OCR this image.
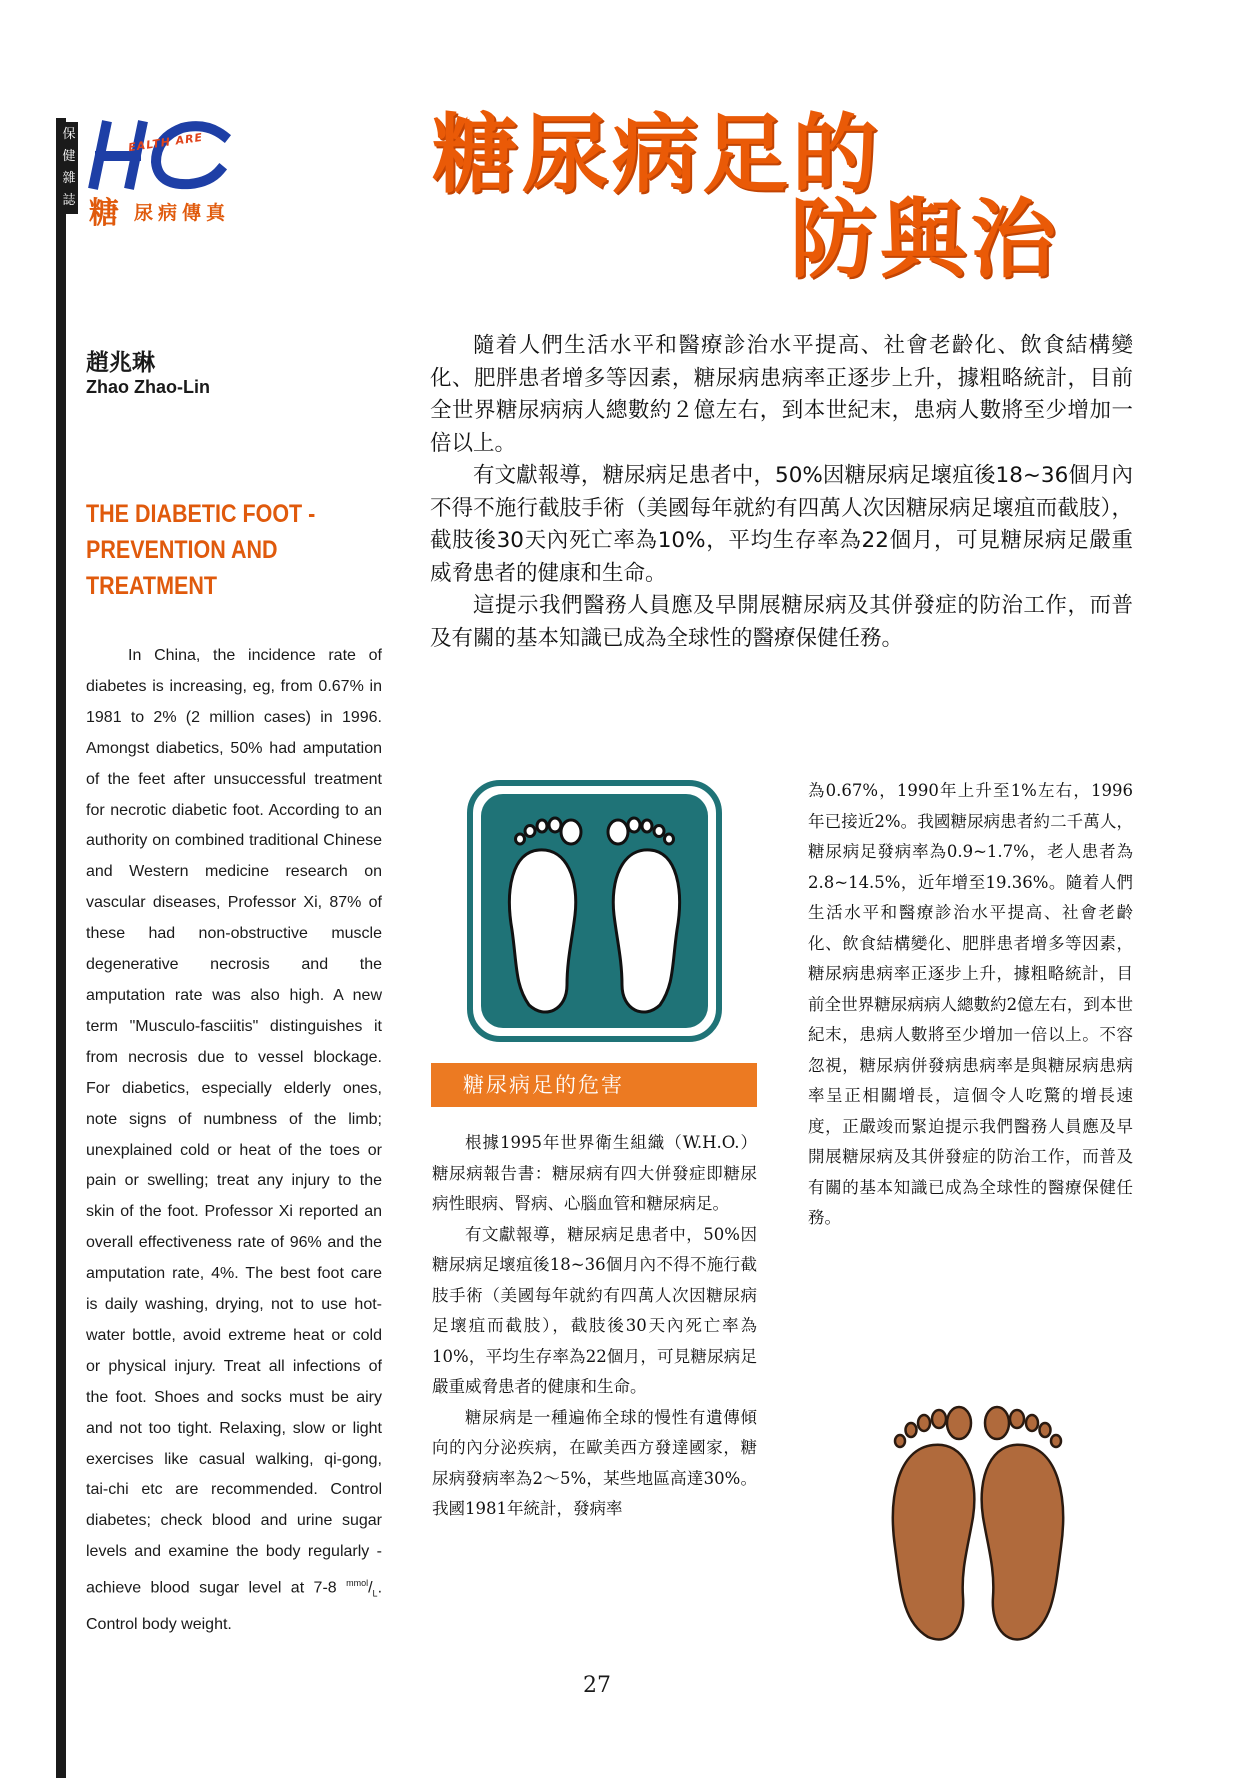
保
健
雜
誌
EALTH ARE
糖 尿病傳真
糖尿病足的
防與治
趙兆琳
Zhao Zhao-Lin
THE DIABETIC FOOT - PREVENTION AND TREATMENT
In China, the incidence rate of diabetes is increasing, eg, from 0.67% in 1981 to 2% (2 million cases) in 1996. Amongst diabetics, 50% had amputation of the feet after unsuccessful treatment for necrotic diabetic foot. According to an authority on combined traditional Chinese and Western medicine research on vascular diseases, Professor Xi, 87% of these had non-obstructive muscle degenerative necrosis and the amputation rate was also high. A new term "Musculo-fasciitis" distinguishes it from necrosis due to vessel blockage. For diabetics, especially elderly ones, note signs of numbness of the limb; unexplained cold or heat of the toes or pain or swelling; treat any injury to the skin of the foot. Professor Xi reported an overall effectiveness rate of 96% and the amputation rate, 4%. The best foot care is daily washing, drying, not to use hot-water bottle, avoid extreme heat or cold or physical injury. Treat all infections of the foot. Shoes and socks must be airy and not too tight. Relaxing, slow or light exercises like casual walking, qi-gong, tai-chi etc are recommended. Control diabetes; check blood and urine sugar levels and examine the body regularly - achieve blood sugar level at 7-8 $^{mmol}/_L$. Control body weight.

隨着人們生活水平和醫療診治水平提高、社會老齡化、飲食結構變化、肥胖患者增多等因素，糖尿病患病率正逐步上升，據粗略統計，目前全世界糖尿病病人總數約２億左右，到本世紀末，患病人數將至少增加一倍以上。

有文獻報導，糖尿病足患者中，50%因糖尿病足壞疽後18~36個月內不得不施行截肢手術（美國每年就約有四萬人次因糖尿病足壞疽而截肢），截肢後30天內死亡率為10%，平均生存率為22個月，可見糖尿病足嚴重威脅患者的健康和生命。

這提示我們醫務人員應及早開展糖尿病及其併發症的防治工作，而普及有關的基本知識已成為全球性的醫療保健任務。

糖尿病足的危害

根據1995年世界衛生組織（W.H.O.）糖尿病報告書：糖尿病有四大併發症即糖尿病性眼病、腎病、心腦血管和糖尿病足。

有文獻報導，糖尿病足患者中，50%因糖尿病足壞疽後18~36個月內不得不施行截肢手術（美國每年就約有四萬人次因糖尿病足壞疽而截肢），截肢後30天內死亡率為10%，平均生存率為22個月，可見糖尿病足嚴重威脅患者的健康和生命。

糖尿病是一種遍佈全球的慢性有遺傳傾向的內分泌疾病，在歐美西方發達國家，糖尿病發病率為2～5%，某些地區高達30%。我國1981年統計，發病率

為0.67%，1990年上升至1%左右，1996年已接近2%。我國糖尿病患者約二千萬人，糖尿病足發病率為0.9~1.7%，老人患者為2.8~14.5%，近年增至19.36%。隨着人們生活水平和醫療診治水平提高、社會老齡化、飲食結構變化、肥胖患者增多等因素，糖尿病患病率正逐步上升，據粗略統計，目前全世界糖尿病病人總數約2億左右，到本世紀末，患病人數將至少增加一倍以上。不容忽視，糖尿病併發病患病率是與糖尿病患病率呈正相關增長，這個令人吃驚的增長速度，正嚴竣而緊迫提示我們醫務人員應及早開展糖尿病及其併發症的防治工作，而普及有關的基本知識已成為全球性的醫療保健任務。

27
